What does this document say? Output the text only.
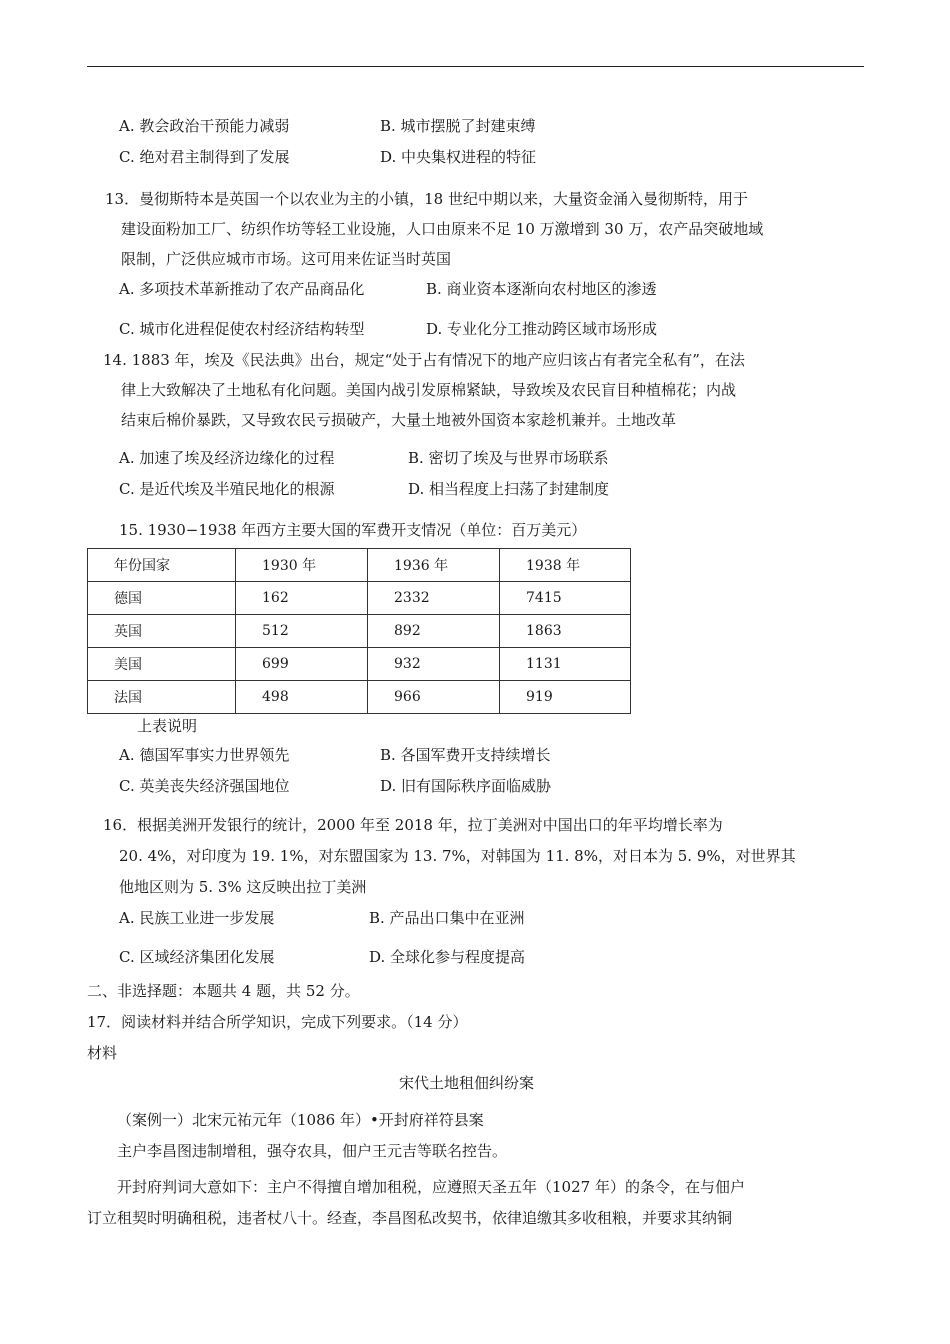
A. 教会政治干预能力减弱	B. 城市摆脱了封建束缚
C. 绝对君主制得到了发展	D. 中央集权进程的特征
13．曼彻斯特本是英国一个以农业为主的小镇，18 世纪中期以来，大量资金涌入曼彻斯特，用于
建设面粉加工厂、纺织作坊等轻工业设施，人口由原来不足 10 万激增到 30 万，农产品突破地域
限制，广泛供应城市市场。这可用来佐证当时英国
A. 多项技术革新推动了农产品商品化	B. 商业资本逐渐向农村地区的渗透
C. 城市化进程促使农村经济结构转型	D. 专业化分工推动跨区域市场形成
14. 1883 年，埃及《民法典》出台，规定“处于占有情况下的地产应归该占有者完全私有”，在法
律上大致解决了土地私有化问题。美国内战引发原棉紧缺，导致埃及农民盲目种植棉花；内战
结束后棉价暴跌，又导致农民亏损破产，大量土地被外国资本家趁机兼并。土地改革
A. 加速了埃及经济边缘化的过程	B. 密切了埃及与世界市场联系
C. 是近代埃及半殖民地化的根源	D. 相当程度上扫荡了封建制度
15. 1930−1938 年西方主要大国的军费开支情况（单位：百万美元）
年份国家	1930 年	1936 年	1938 年
德国	162	2332	7415
英国	512	892	1863
美国	699	932	1131
法国	498	966	919
上表说明
A. 德国军事实力世界领先	B. 各国军费开支持续增长
C. 英美丧失经济强国地位	D. 旧有国际秩序面临威胁
16．根据美洲开发银行的统计，2000 年至 2018 年，拉丁美洲对中国出口的年平均增长率为
20. 4%，对印度为 19. 1%，对东盟国家为 13. 7%，对韩国为 11. 8%，对日本为 5. 9%，对世界其
他地区则为 5. 3% 这反映出拉丁美洲
A. 民族工业进一步发展	B. 产品出口集中在亚洲
C. 区域经济集团化发展	D. 全球化参与程度提高
二、非选择题：本题共 4 题，共 52 分。
17．阅读材料并结合所学知识，完成下列要求。（14 分）
材料
宋代土地租佃纠纷案
（案例一）北宋元祐元年（1086 年）•开封府祥符县案
主户李昌图违制增租，强夺农具，佃户王元吉等联名控告。
开封府判词大意如下：主户不得擅自增加租税，应遵照天圣五年（1027 年）的条令，在与佃户
订立租契时明确租税，违者杖八十。经查，李昌图私改契书，依律追缴其多收租粮，并要求其纳铜
